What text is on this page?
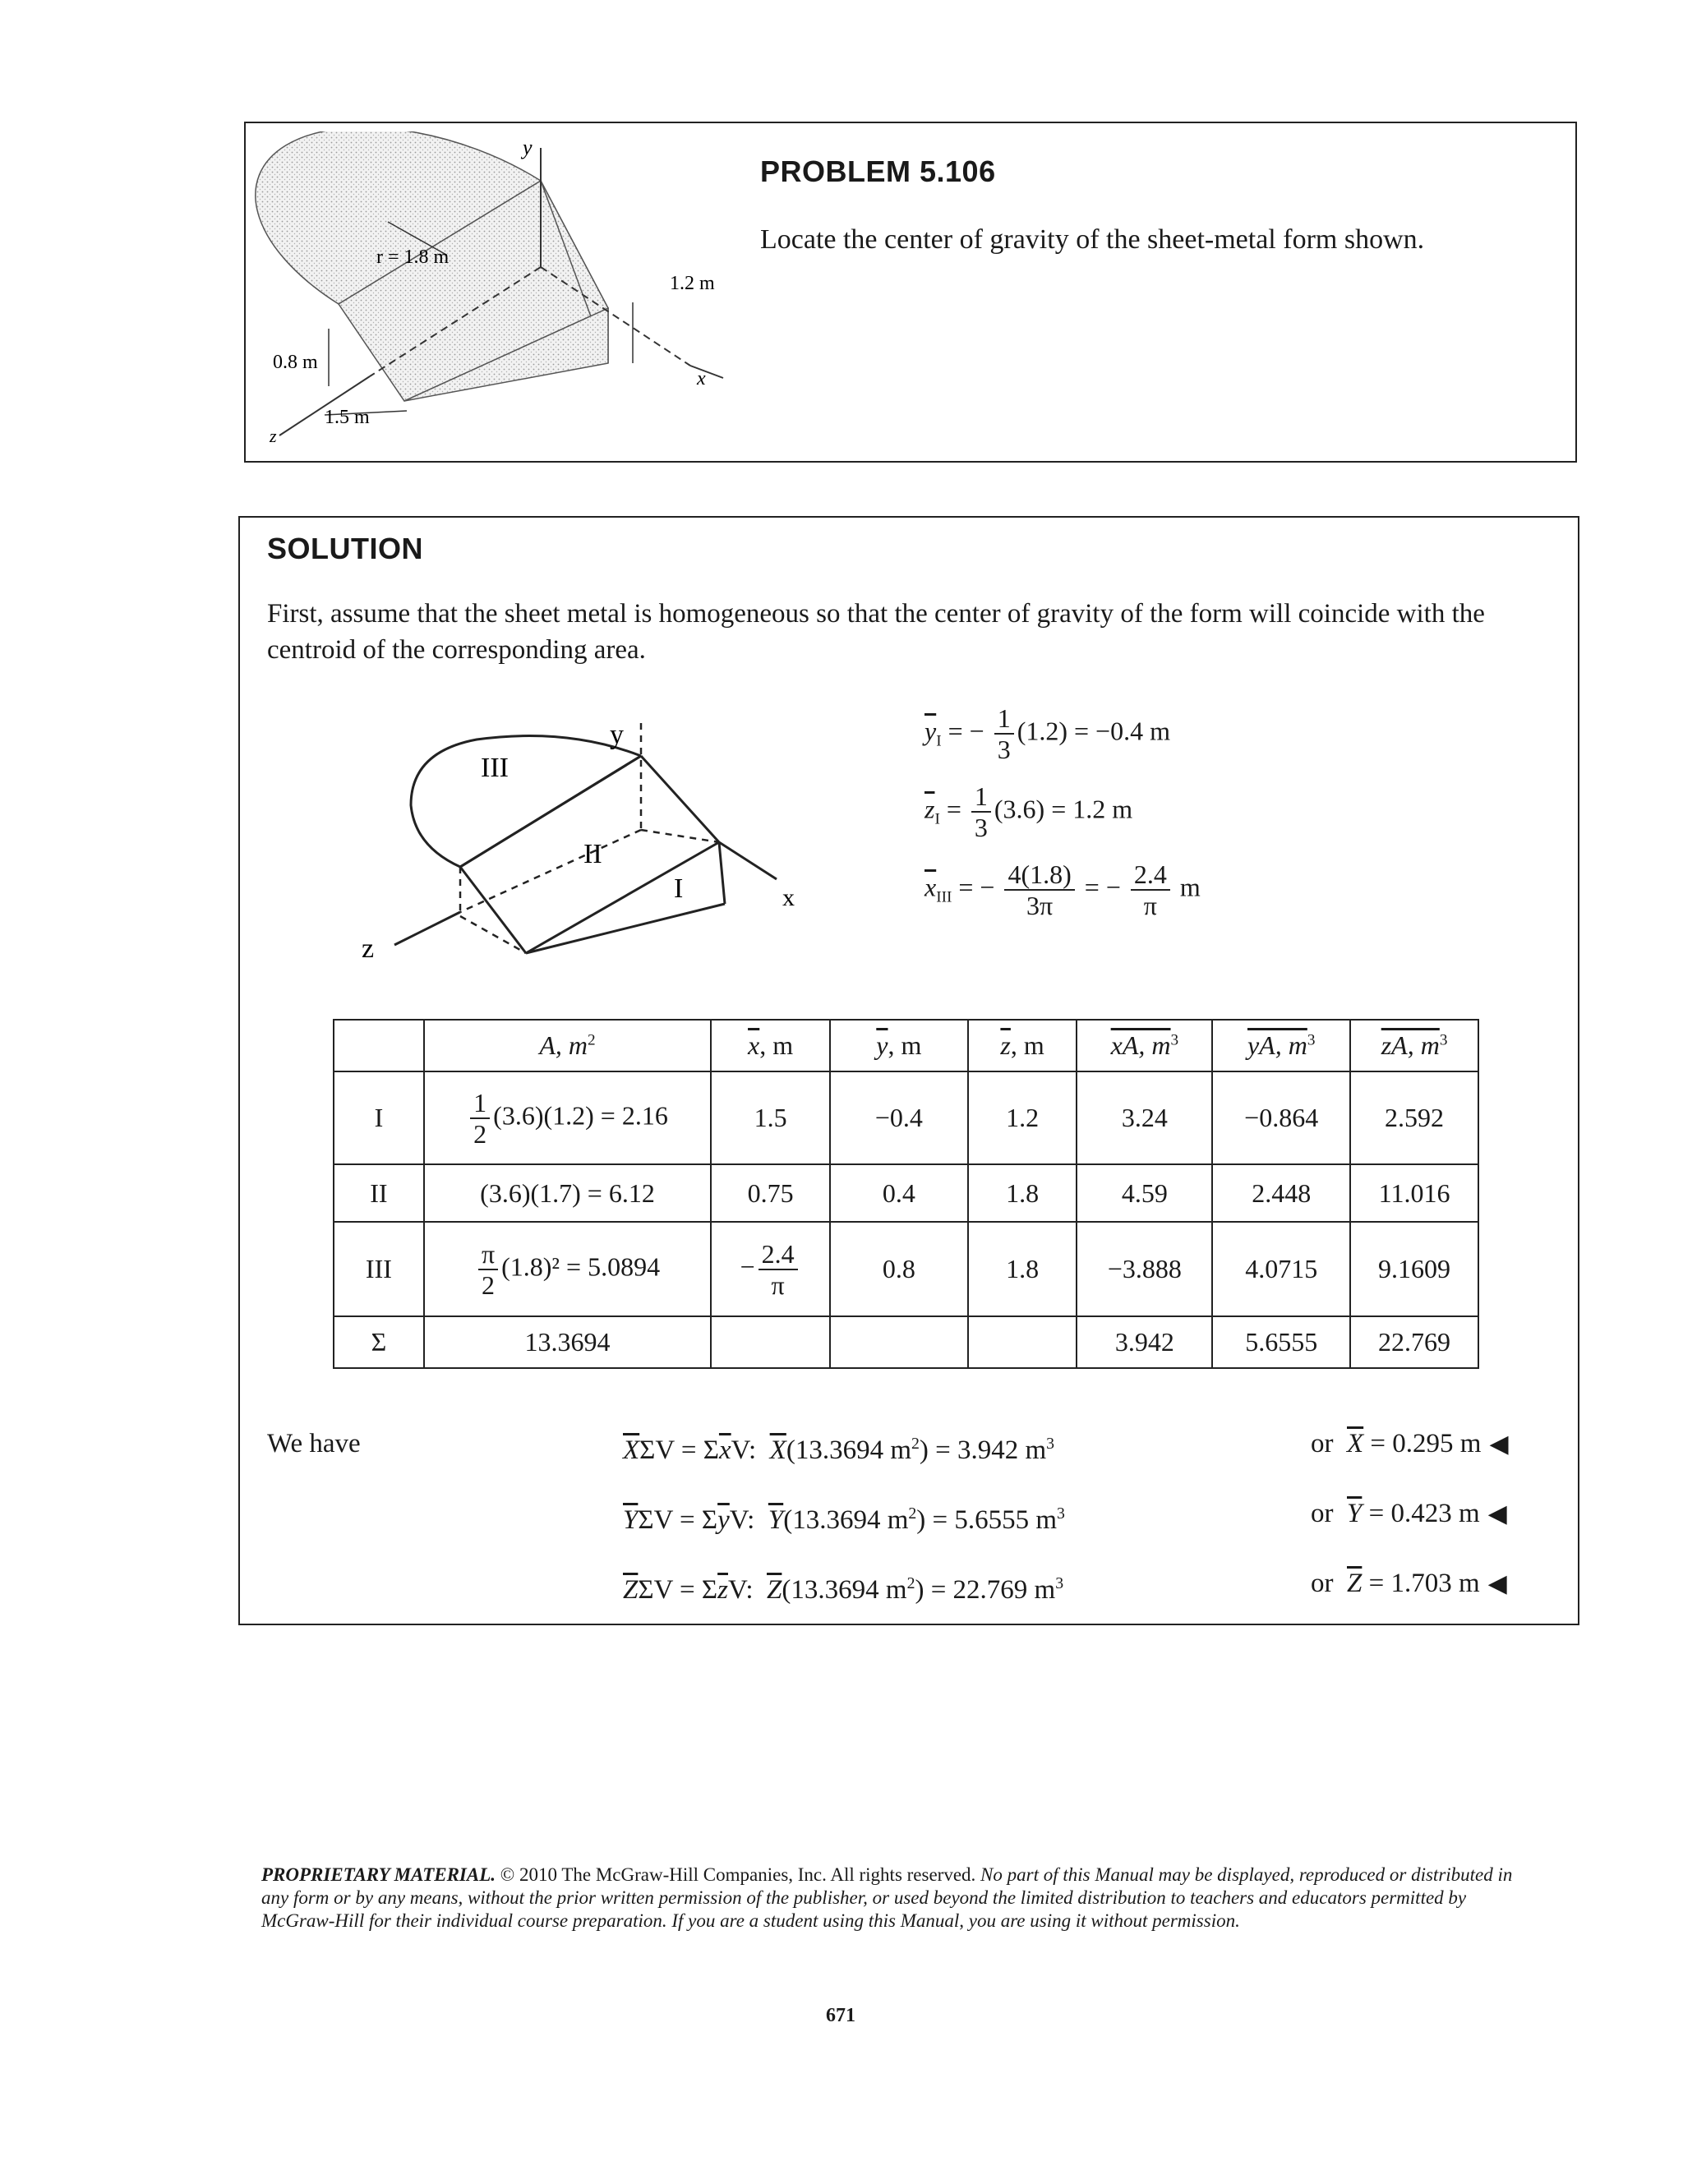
y
r = 1.8 m
1.2 m
0.8 m
1.5 m
x
z
PROBLEM 5.106
Locate the center of gravity of the sheet-metal form shown.
SOLUTION
First, assume that the sheet metal is homogeneous so that the center of gravity of the form will coincide with the centroid of the corresponding area.
y
x
z
III
II
I
$\overline{y}_I$ = − $\frac{1}{3} (1.2) = -0.4$ m
$\overline{z}_I = \frac{1}{3} (3.6) = 1.2$ m
$\overline{x}_{III}$ = − $\frac{4(1.8)}{3\pi}$ = − $\frac{2.4}{\pi}$ m
	A, $m^2$	$\overline{x}$, m	$\overline{y}$, m	$\overline{z}$, m	xA, $m^3$	yA, $m^3$	zA, $m^3$
I	$\frac{1}{2} (3.6)(1.2) = 2.16$	1.5	−0.4	1.2	3.24	−0.864	2.592
II	(3.6)(1.7) = 6.12	0.75	0.4	1.8	4.59	2.448	11.016
III	$\frac{\pi}{2} (1.8)^2 = 5.0894$	− $\frac{2.4}{\pi}$	0.8	1.8	−3.888	4.0715	9.1609
Σ	13.3694				3.942	5.6555	22.769
We have	$\overline{X}\Sigma V = \Sigma\overline{x}V$: $\overline{X}(13.3694$ $m^2) = 3.942$ $m^3$	or $\overline{X} = 0.295$ m ◀
$\overline{Y}\Sigma V = \Sigma\overline{y}V$: $\overline{Y}(13.3694$ $m^2) = 5.6555$ $m^3$	or $\overline{Y} = 0.423$ m ◀
$\overline{Z}\Sigma V = \Sigma\overline{z}V$: $\overline{Z}(13.3694$ $m^2) = 22.769$ $m^3$	or $\overline{Z} = 1.703$ m ◀
PROPRIETARY MATERIAL. © 2010 The McGraw-Hill Companies, Inc. All rights reserved. No part of this Manual may be displayed, reproduced or distributed in any form or by any means, without the prior written permission of the publisher, or used beyond the limited distribution to teachers and educators permitted by McGraw-Hill for their individual course preparation. If you are a student using this Manual, you are using it without permission.
671
